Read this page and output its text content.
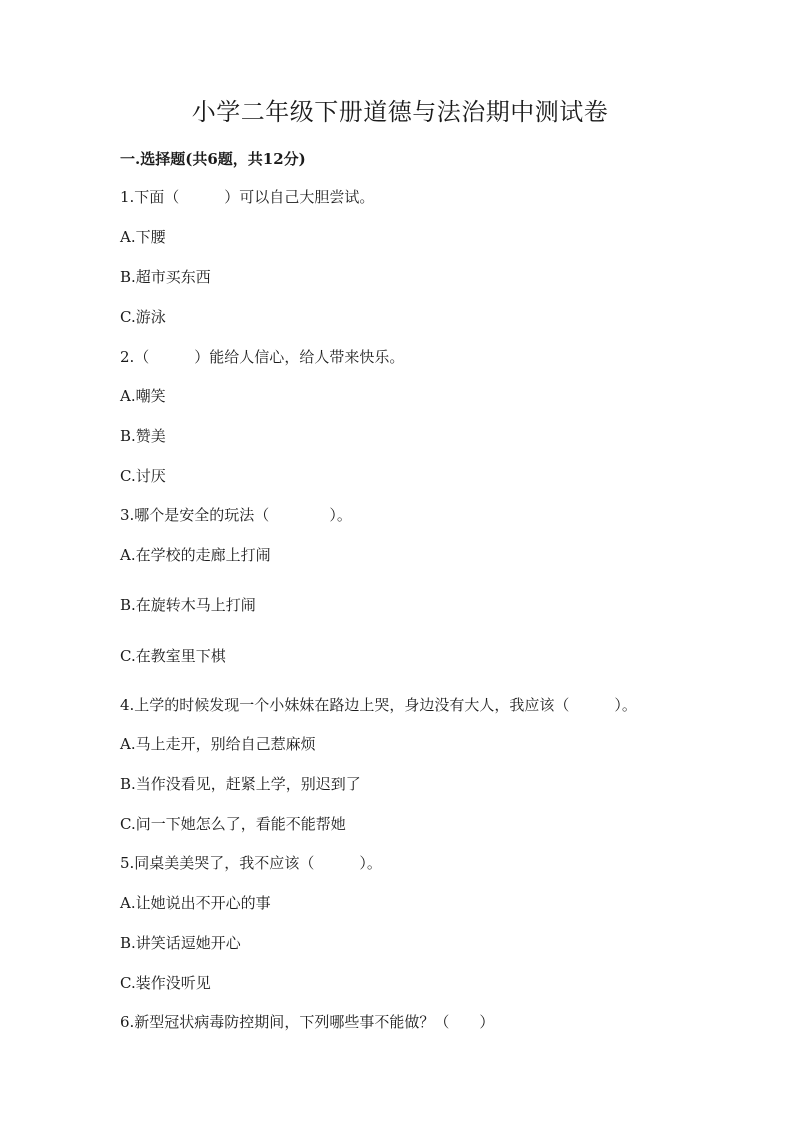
小学二年级下册道德与法治期中测试卷
一.选择题(共6题，共12分)
1.下面（　　　）可以自己大胆尝试。
A.下腰
B.超市买东西
C.游泳
2.（　　　）能给人信心，给人带来快乐。
A.嘲笑
B.赞美
C.讨厌
3.哪个是安全的玩法（　　　　）。
A.在学校的走廊上打闹
B.在旋转木马上打闹
C.在教室里下棋
4.上学的时候发现一个小妹妹在路边上哭，身边没有大人，我应该（　　　）。
A.马上走开，别给自己惹麻烦
B.当作没看见，赶紧上学，别迟到了
C.问一下她怎么了，看能不能帮她
5.同桌美美哭了，我不应该（　　　）。
A.让她说出不开心的事
B.讲笑话逗她开心
C.装作没听见
6.新型冠状病毒防控期间，下列哪些事不能做？（　　）
